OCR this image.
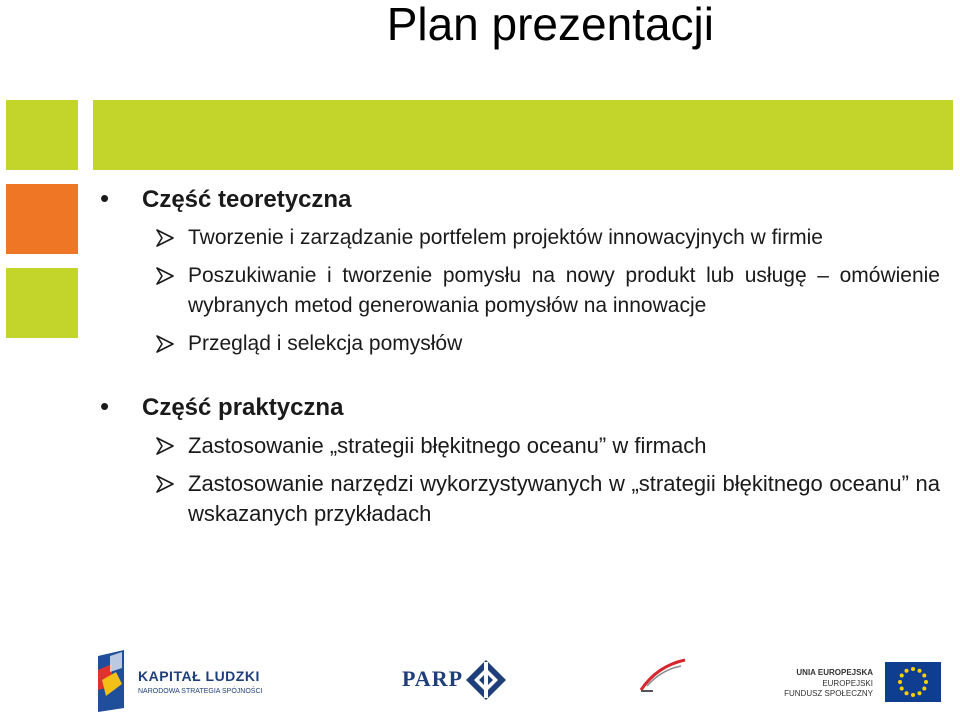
Plan prezentacji
• Część teoretyczna
Tworzenie i zarządzanie portfelem projektów innowacyjnych w firmie
Poszukiwanie i tworzenie pomysłu na nowy produkt lub usługę – omówienie wybranych metod generowania pomysłów na innowacje
Przegląd i selekcja pomysłów
• Część praktyczna
Zastosowanie „strategii błękitnego oceanu” w firmach
Zastosowanie narzędzi wykorzystywanych w „strategii błękitnego oceanu” na wskazanych przykładach
KAPITAŁ LUDZKI
NARODOWA STRATEGIA SPÓJNOŚCI
PARP	UNIA EUROPEJSKA
EUROPEJSKI
FUNDUSZ SPOŁECZNY
